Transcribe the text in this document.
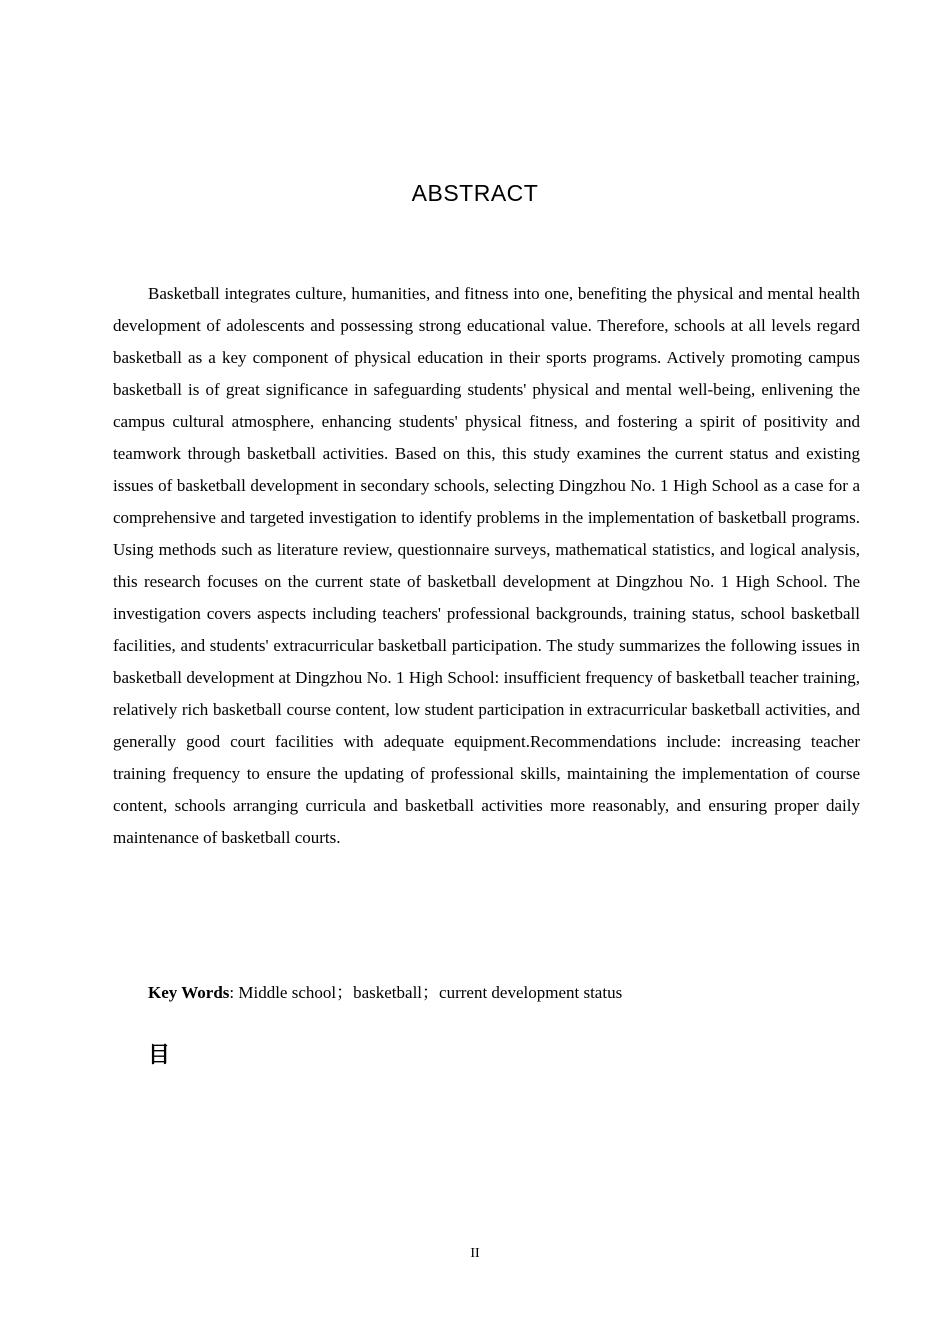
ABSTRACT
Basketball integrates culture, humanities, and fitness into one, benefiting the physical and mental health development of adolescents and possessing strong educational value. Therefore, schools at all levels regard basketball as a key component of physical education in their sports programs. Actively promoting campus basketball is of great significance in safeguarding students' physical and mental well-being, enlivening the campus cultural atmosphere, enhancing students' physical fitness, and fostering a spirit of positivity and teamwork through basketball activities. Based on this, this study examines the current status and existing issues of basketball development in secondary schools, selecting Dingzhou No. 1 High School as a case for a comprehensive and targeted investigation to identify problems in the implementation of basketball programs. Using methods such as literature review, questionnaire surveys, mathematical statistics, and logical analysis, this research focuses on the current state of basketball development at Dingzhou No. 1 High School. The investigation covers aspects including teachers' professional backgrounds, training status, school basketball facilities, and students' extracurricular basketball participation. The study summarizes the following issues in basketball development at Dingzhou No. 1 High School: insufficient frequency of basketball teacher training, relatively rich basketball course content, low student participation in extracurricular basketball activities, and generally good court facilities with adequate equipment.Recommendations include: increasing teacher training frequency to ensure the updating of professional skills, maintaining the implementation of course content, schools arranging curricula and basketball activities more reasonably, and ensuring proper daily maintenance of basketball courts.
Key Words: Middle school；basketball；current development status
目
II
